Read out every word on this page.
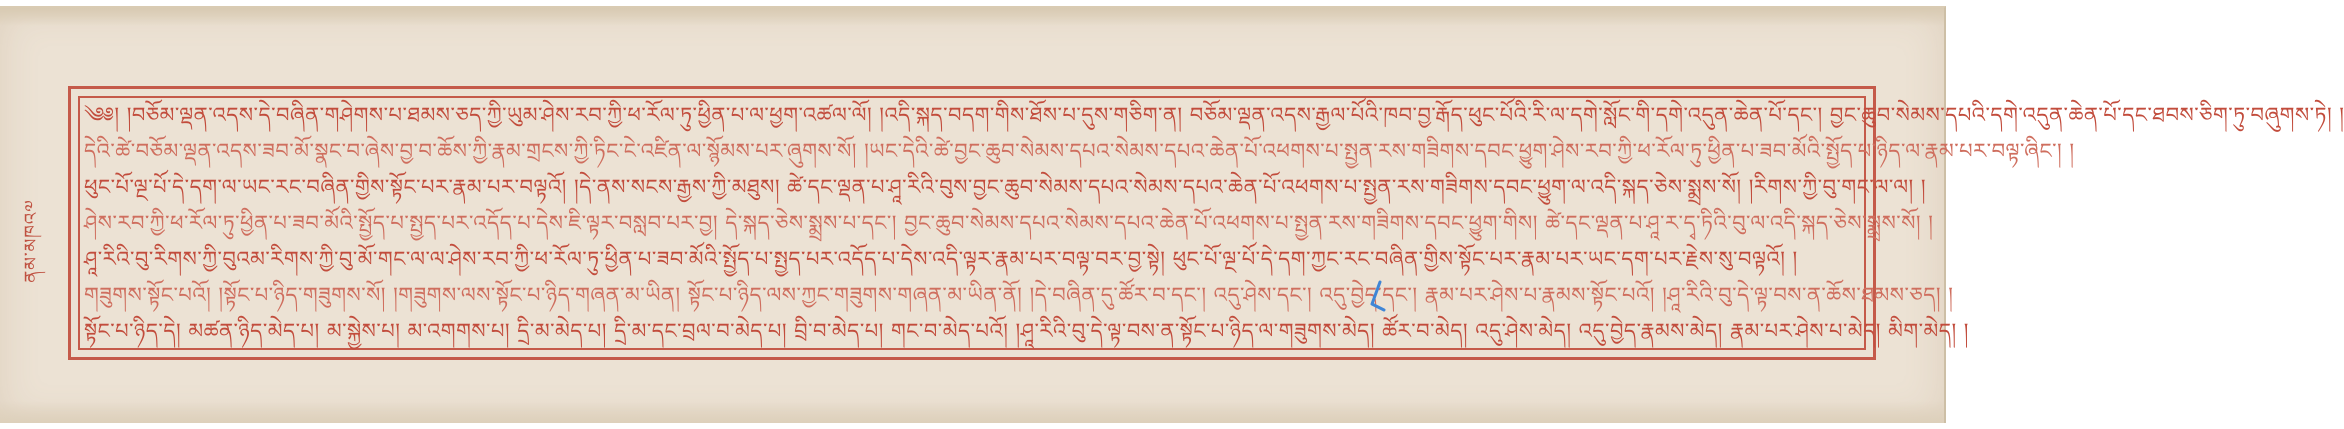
ནམ་མཁའ༧
༄༅། །བཅོམ་ལྡན་འདས་དེ་བཞིན་གཤེགས་པ་ཐམས་ཅད་ཀྱི་ཡུམ་ཤེས་རབ་ཀྱི་ཕ་རོལ་ཏུ་ཕྱིན་པ་ལ་ཕྱག་འཚལ་ལོ། །འདི་སྐད་བདག་གིས་ཐོས་པ་དུས་གཅིག་ན། བཅོམ་ལྡན་འདས་རྒྱལ་པོའི་ཁབ་བྱ་རྒོད་ཕུང་པོའི་རི་ལ་དགེ་སློང་གི་དགེ་འདུན་ཆེན་པོ་དང་། བྱང་ཆུབ་སེམས་དཔའི་དགེ་འདུན་ཆེན་པོ་དང་ཐབས་ཅིག་ཏུ་བཞུགས་ཏེ། །
དེའི་ཚེ་བཅོམ་ལྡན་འདས་ཟབ་མོ་སྣང་བ་ཞེས་བྱ་བ་ཆོས་ཀྱི་རྣམ་གྲངས་ཀྱི་ཏིང་ངེ་འཛིན་ལ་སྙོམས་པར་ཞུགས་སོ། །ཡང་དེའི་ཚེ་བྱང་ཆུབ་སེམས་དཔའ་སེམས་དཔའ་ཆེན་པོ་འཕགས་པ་སྤྱན་རས་གཟིགས་དབང་ཕྱུག་ཤེས་རབ་ཀྱི་ཕ་རོལ་ཏུ་ཕྱིན་པ་ཟབ་མོའི་སྤྱོད་པ་ཉིད་ལ་རྣམ་པར་བལྟ་ཞིང་། །
ཕུང་པོ་ལྔ་པོ་དེ་དག་ལ་ཡང་རང་བཞིན་གྱིས་སྟོང་པར་རྣམ་པར་བལྟའོ། །དེ་ནས་སངས་རྒྱས་ཀྱི་མཐུས། ཚེ་དང་ལྡན་པ་ཤཱ་རིའི་བུས་བྱང་ཆུབ་སེམས་དཔའ་སེམས་དཔའ་ཆེན་པོ་འཕགས་པ་སྤྱན་རས་གཟིགས་དབང་ཕྱུག་ལ་འདི་སྐད་ཅེས་སྨྲས་སོ། །རིགས་ཀྱི་བུ་གང་ལ་ལ། །
ཤེས་རབ་ཀྱི་ཕ་རོལ་ཏུ་ཕྱིན་པ་ཟབ་མོའི་སྤྱོད་པ་སྤྱད་པར་འདོད་པ་དེས་ཇི་ལྟར་བསླབ་པར་བྱ། དེ་སྐད་ཅེས་སྨྲས་པ་དང་། བྱང་ཆུབ་སེམས་དཔའ་སེམས་དཔའ་ཆེན་པོ་འཕགས་པ་སྤྱན་རས་གཟིགས་དབང་ཕྱུག་གིས། ཚེ་དང་ལྡན་པ་ཤཱ་ར་དྭ་ཏིའི་བུ་ལ་འདི་སྐད་ཅེས་སྨྲས་སོ། །
ཤཱ་རིའི་བུ་རིགས་ཀྱི་བུའམ་རིགས་ཀྱི་བུ་མོ་གང་ལ་ལ་ཤེས་རབ་ཀྱི་ཕ་རོལ་ཏུ་ཕྱིན་པ་ཟབ་མོའི་སྤྱོད་པ་སྤྱད་པར་འདོད་པ་དེས་འདི་ལྟར་རྣམ་པར་བལྟ་བར་བྱ་སྟེ། ཕུང་པོ་ལྔ་པོ་དེ་དག་ཀྱང་རང་བཞིན་གྱིས་སྟོང་པར་རྣམ་པར་ཡང་དག་པར་རྗེས་སུ་བལྟའོ། །
གཟུགས་སྟོང་པའོ། །སྟོང་པ་ཉིད་གཟུགས་སོ། །གཟུགས་ལས་སྟོང་པ་ཉིད་གཞན་མ་ཡིན། སྟོང་པ་ཉིད་ལས་ཀྱང་གཟུགས་གཞན་མ་ཡིན་ནོ། །དེ་བཞིན་དུ་ཚོར་བ་དང་། འདུ་ཤེས་དང་། འདུ་བྱེད་དང་། རྣམ་པར་ཤེས་པ་རྣམས་སྟོང་པའོ། །ཤཱ་རིའི་བུ་དེ་ལྟ་བས་ན་ཆོས་ཐམས་ཅད། །
སྟོང་པ་ཉིད་དེ། མཚན་ཉིད་མེད་པ། མ་སྐྱེས་པ། མ་འགགས་པ། དྲི་མ་མེད་པ། དྲི་མ་དང་བྲལ་བ་མེད་པ། བྲི་བ་མེད་པ། གང་བ་མེད་པའོ། །ཤཱ་རིའི་བུ་དེ་ལྟ་བས་ན་སྟོང་པ་ཉིད་ལ་གཟུགས་མེད། ཚོར་བ་མེད། འདུ་ཤེས་མེད། འདུ་བྱེད་རྣམས་མེད། རྣམ་པར་ཤེས་པ་མེད། མིག་མེད། །
